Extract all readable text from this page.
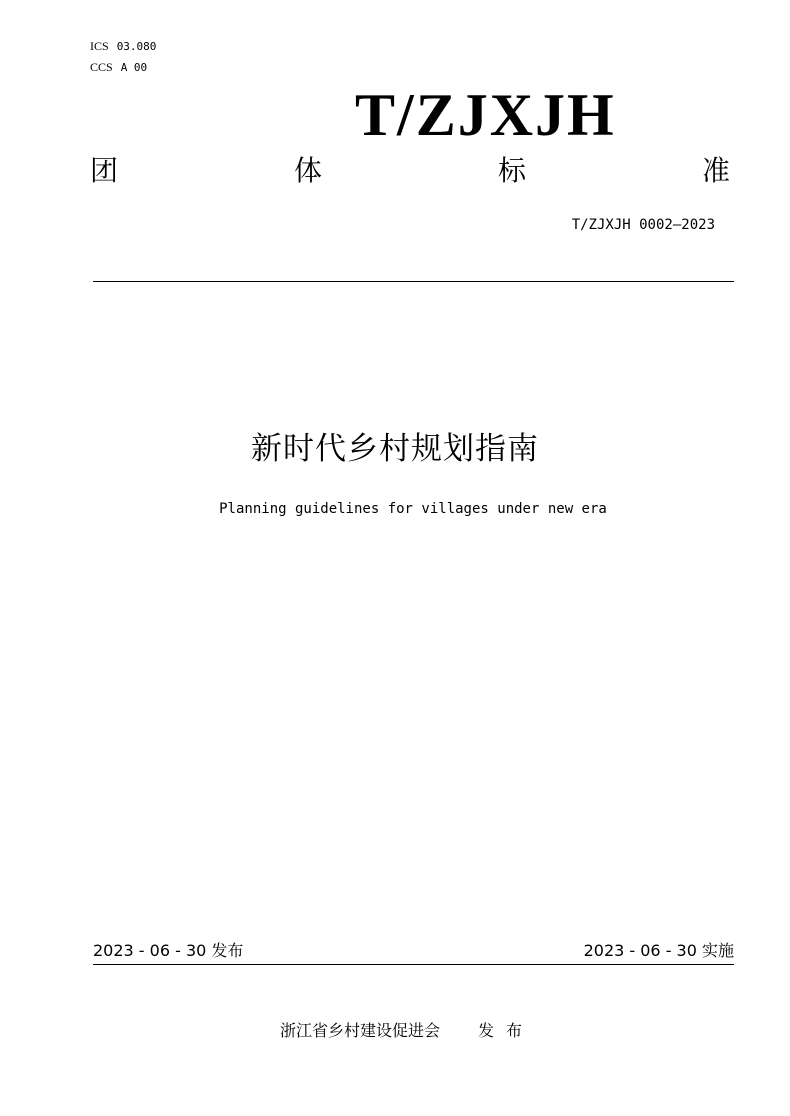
ICS 03.080
CCS A 00
T/ZJXJH
团	体	标	准
T/ZJXJH 0002—2023
新时代乡村规划指南
Planning guidelines for villages under new era
2023 - 06 - 30 发布	2023 - 06 - 30 实施
浙江省乡村建设促进会 发布
